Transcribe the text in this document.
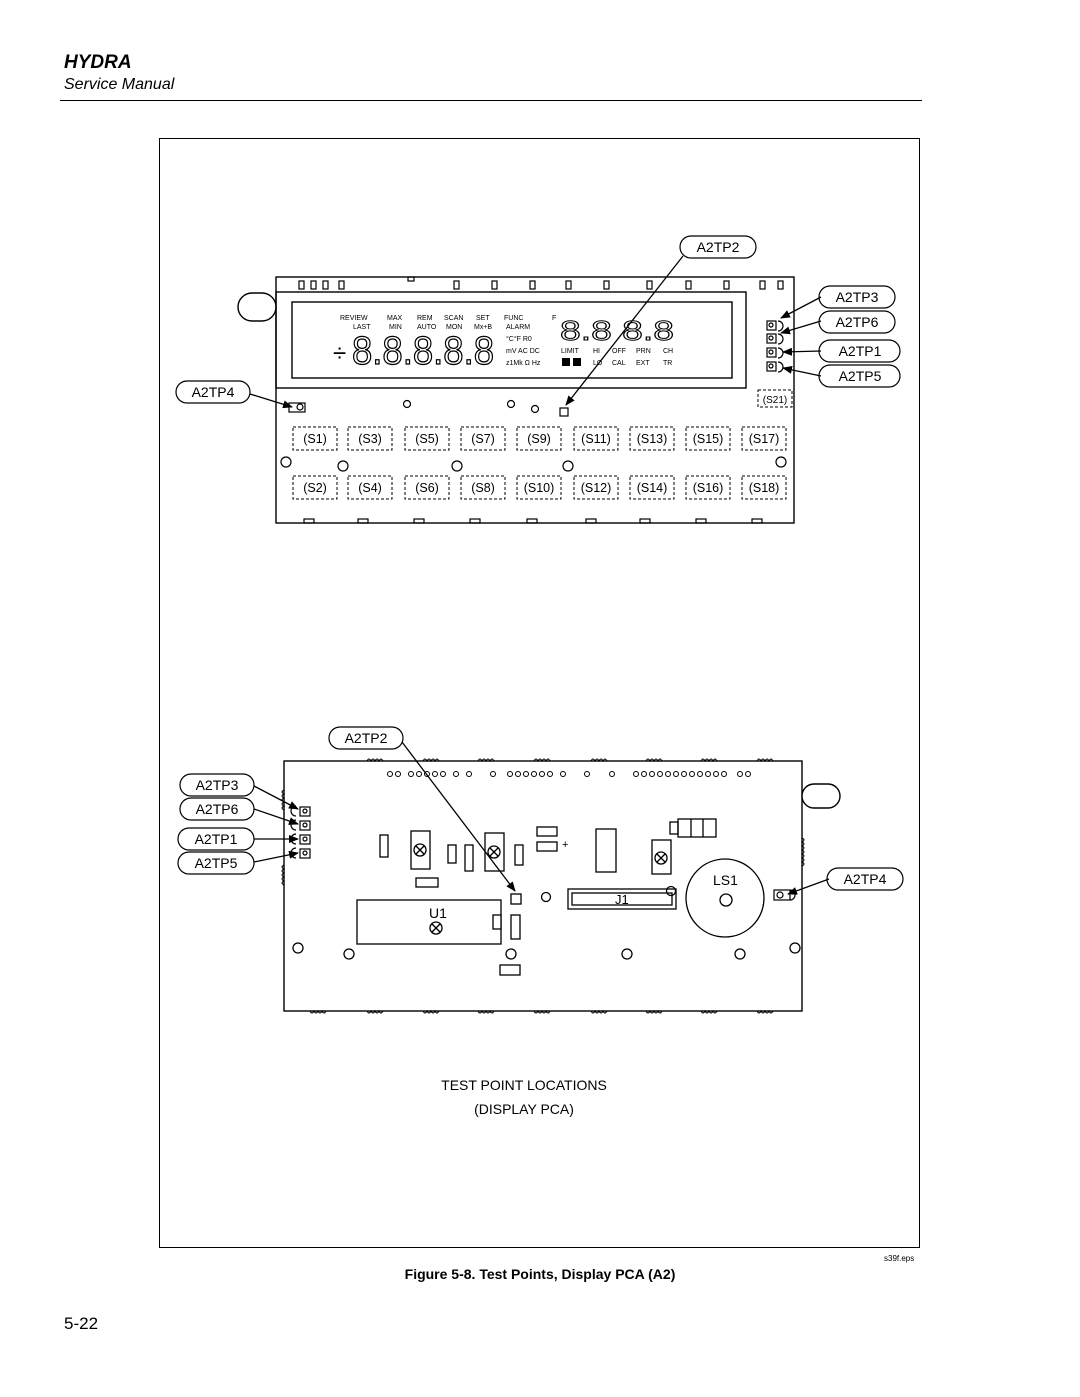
HYDRA
Service Manual
REVIEW	MAX REM SCAN SET FUNC
LAST	MIN AUTO MON Mx+B ALARM
F
°C°F R0
mV AC DC
z1Mk Ω Hz
LIMIT HI OFF PRN CH
LO CAL EXT TR
÷ 8.8.8.8.8 8.8 8.8
(S1)	(S3)	(S5)	(S7)	(S9) (S11) (S13) (S15) (S17)
(S2)	(S4)	(S6)	(S8) (S10) (S12) (S14) (S16) (S18)
(S21)
A2TP2
A2TP3
A2TP6
A2TP1
A2TP5
A2TP4
+
LS1
J1
U1
A2TP2
A2TP3
A2TP6
A2TP1
A2TP5
A2TP4
TEST POINT LOCATIONS
(DISPLAY PCA)
s39f.eps
Figure 5-8. Test Points, Display PCA (A2)
5-22
